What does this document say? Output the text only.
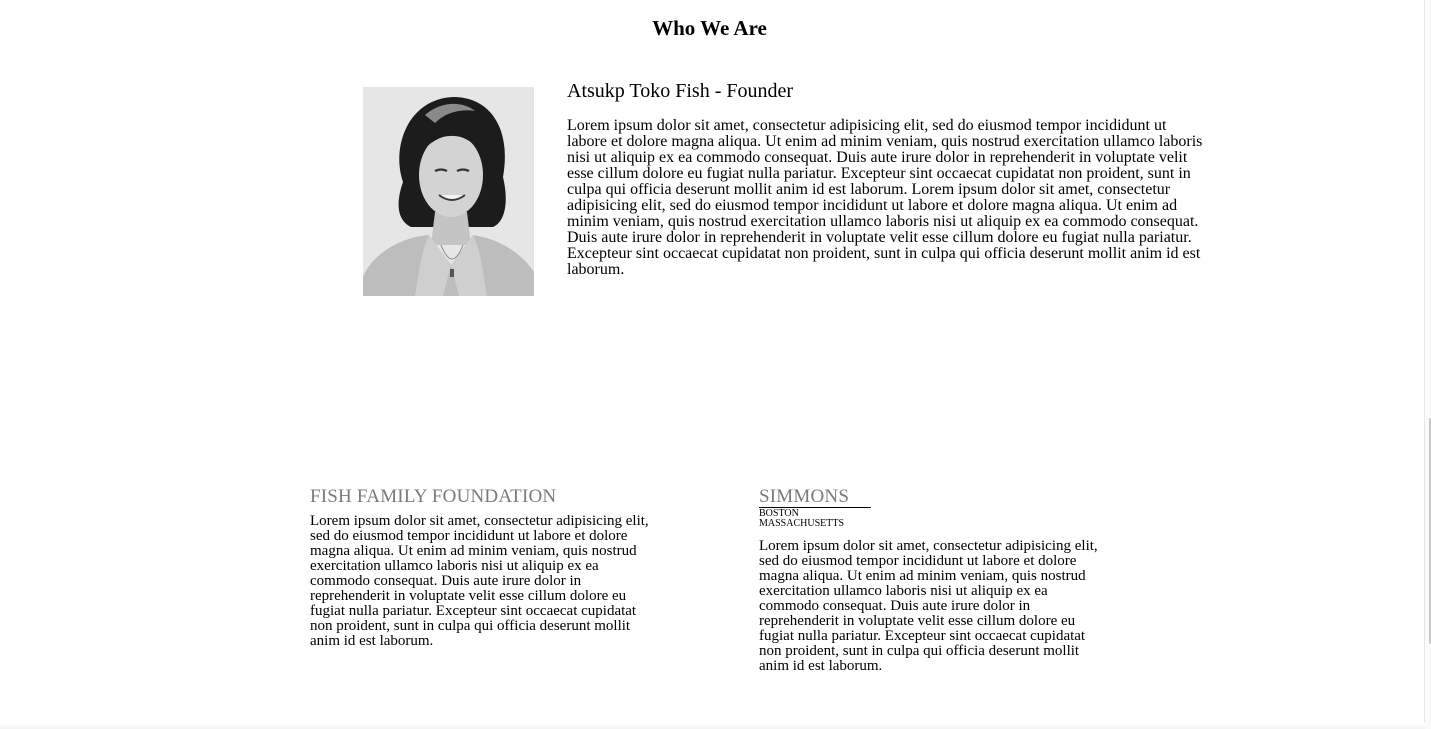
Who We Are
Atsukp Toko Fish - Founder

Lorem ipsum dolor sit amet, consectetur adipisicing elit, sed do eiusmod tempor incididunt ut labore et dolore magna aliqua. Ut enim ad minim veniam, quis nostrud exercitation ullamco laboris nisi ut aliquip ex ea commodo consequat. Duis aute irure dolor in reprehenderit in voluptate velit esse cillum dolore eu fugiat nulla pariatur. Excepteur sint occaecat cupidatat non proident, sunt in culpa qui officia deserunt mollit anim id est laborum. Lorem ipsum dolor sit amet, consectetur adipisicing elit, sed do eiusmod tempor incididunt ut labore et dolore magna aliqua. Ut enim ad minim veniam, quis nostrud exercitation ullamco laboris nisi ut aliquip ex ea commodo consequat. Duis aute irure dolor in reprehenderit in voluptate velit esse cillum dolore eu fugiat nulla pariatur. Excepteur sint occaecat cupidatat non proident, sunt in culpa qui officia deserunt mollit anim id est laborum.

FISH FAMILY FOUNDATION

Lorem ipsum dolor sit amet, consectetur adipisicing elit, sed do eiusmod tempor incididunt ut labore et dolore magna aliqua. Ut enim ad minim veniam, quis nostrud exercitation ullamco laboris nisi ut aliquip ex ea commodo consequat. Duis aute irure dolor in reprehenderit in voluptate velit esse cillum dolore eu fugiat nulla pariatur. Excepteur sint occaecat cupidatat non proident, sunt in culpa qui officia deserunt mollit anim id est laborum.

SIMMONS
BOSTON
MASSACHUSETTS

Lorem ipsum dolor sit amet, consectetur adipisicing elit, sed do eiusmod tempor incididunt ut labore et dolore magna aliqua. Ut enim ad minim veniam, quis nostrud exercitation ullamco laboris nisi ut aliquip ex ea commodo consequat. Duis aute irure dolor in reprehenderit in voluptate velit esse cillum dolore eu fugiat nulla pariatur. Excepteur sint occaecat cupidatat non proident, sunt in culpa qui officia deserunt mollit anim id est laborum.
